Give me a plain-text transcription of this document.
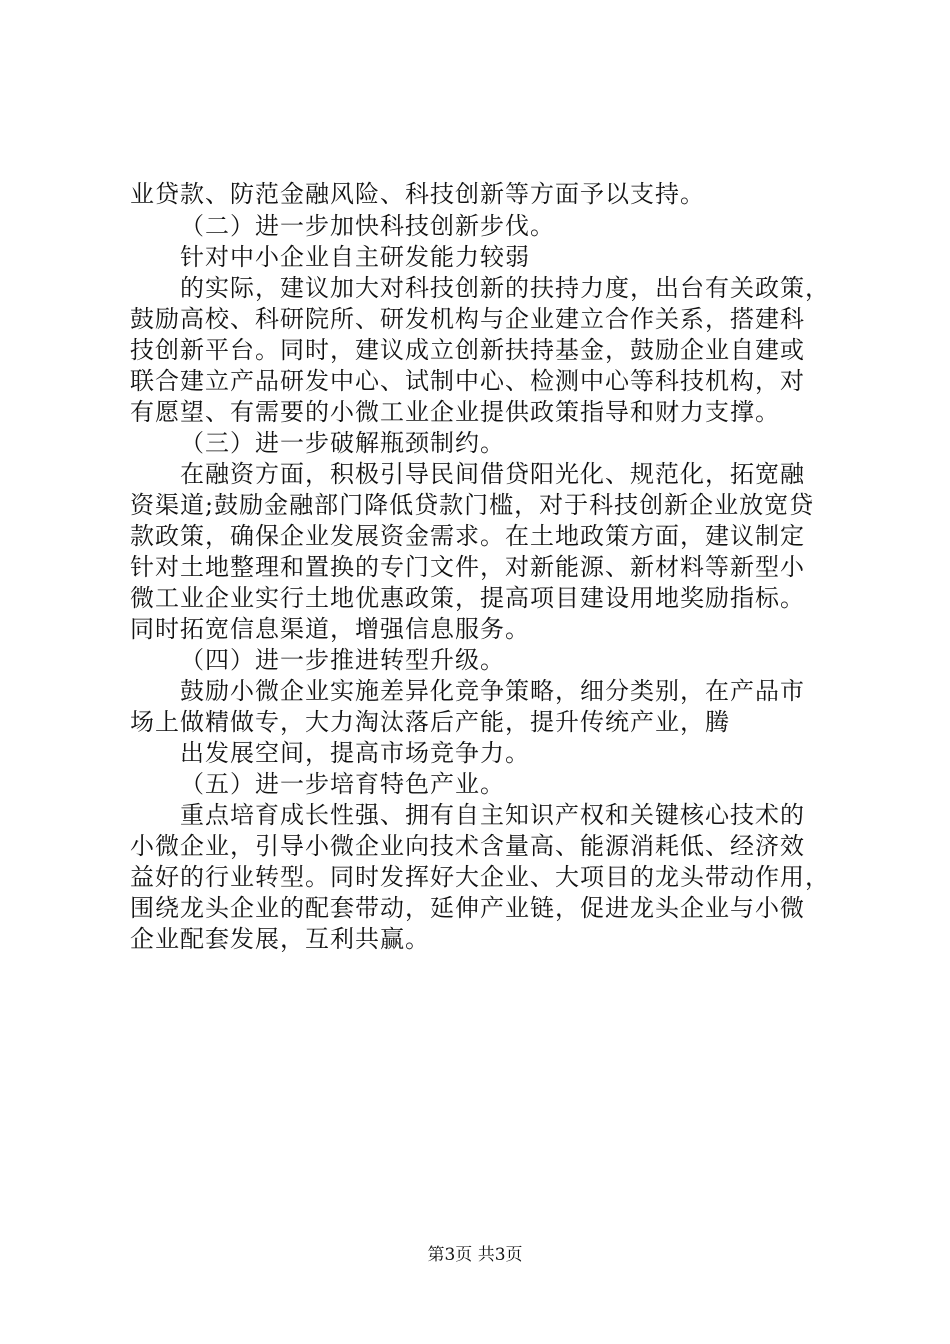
业贷款、防范金融风险、科技创新等方面予以支持。
（二）进一步加快科技创新步伐。
针对中小企业自主研发能力较弱
的实际，建议加大对科技创新的扶持力度，出台有关政策，
鼓励高校、科研院所、研发机构与企业建立合作关系，搭建科
技创新平台。同时，建议成立创新扶持基金，鼓励企业自建或
联合建立产品研发中心、试制中心、检测中心等科技机构，对
有愿望、有需要的小微工业企业提供政策指导和财力支撑。
（三）进一步破解瓶颈制约。
在融资方面，积极引导民间借贷阳光化、规范化，拓宽融
资渠道;鼓励金融部门降低贷款门槛，对于科技创新企业放宽贷
款政策，确保企业发展资金需求。在土地政策方面，建议制定
针对土地整理和置换的专门文件，对新能源、新材料等新型小
微工业企业实行土地优惠政策，提高项目建设用地奖励指标。
同时拓宽信息渠道，增强信息服务。
（四）进一步推进转型升级。
鼓励小微企业实施差异化竞争策略，细分类别，在产品市
场上做精做专，大力淘汰落后产能，提升传统产业，腾
出发展空间，提高市场竞争力。
（五）进一步培育特色产业。
重点培育成长性强、拥有自主知识产权和关键核心技术的
小微企业，引导小微企业向技术含量高、能源消耗低、经济效
益好的行业转型。同时发挥好大企业、大项目的龙头带动作用，
围绕龙头企业的配套带动，延伸产业链，促进龙头企业与小微
企业配套发展，互利共赢。
第3页 共3页
